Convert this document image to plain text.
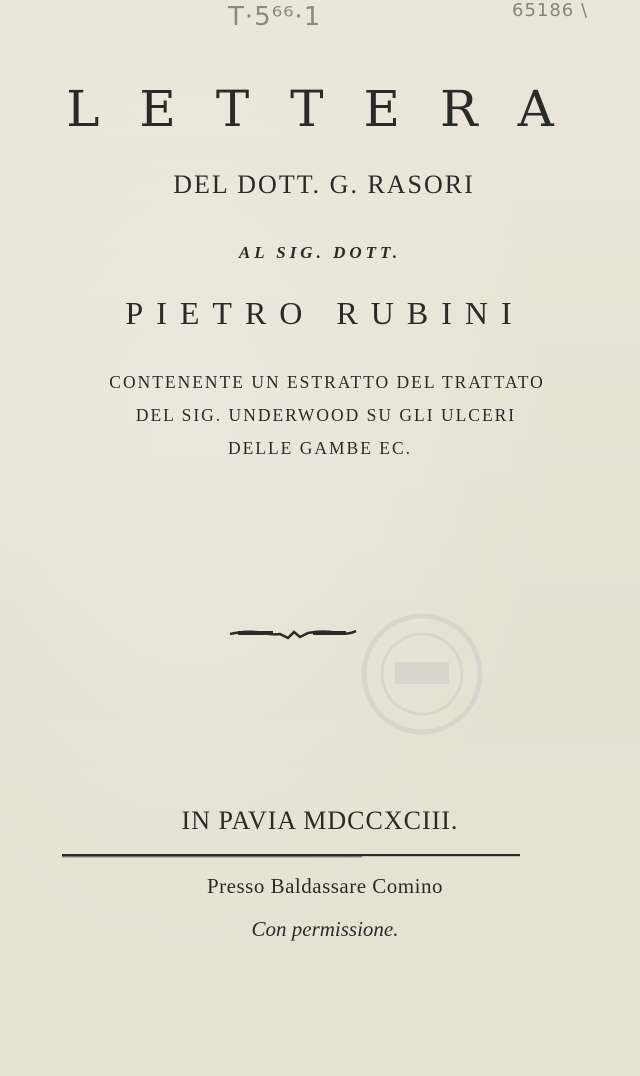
T·5⁶⁶·1	65186 \
LETTERA
DEL DOTT. G. RASORI
AL SIG. DOTT.
PIETRO RUBINI
CONTENENTE UN ESTRATTO DEL TRATTATO
DEL SIG. UNDERWOOD SU GLI ULCERI
DELLE GAMBE EC.
IN PAVIA MDCCXCIII.
Presso Baldassare Comino
Con permissione.
